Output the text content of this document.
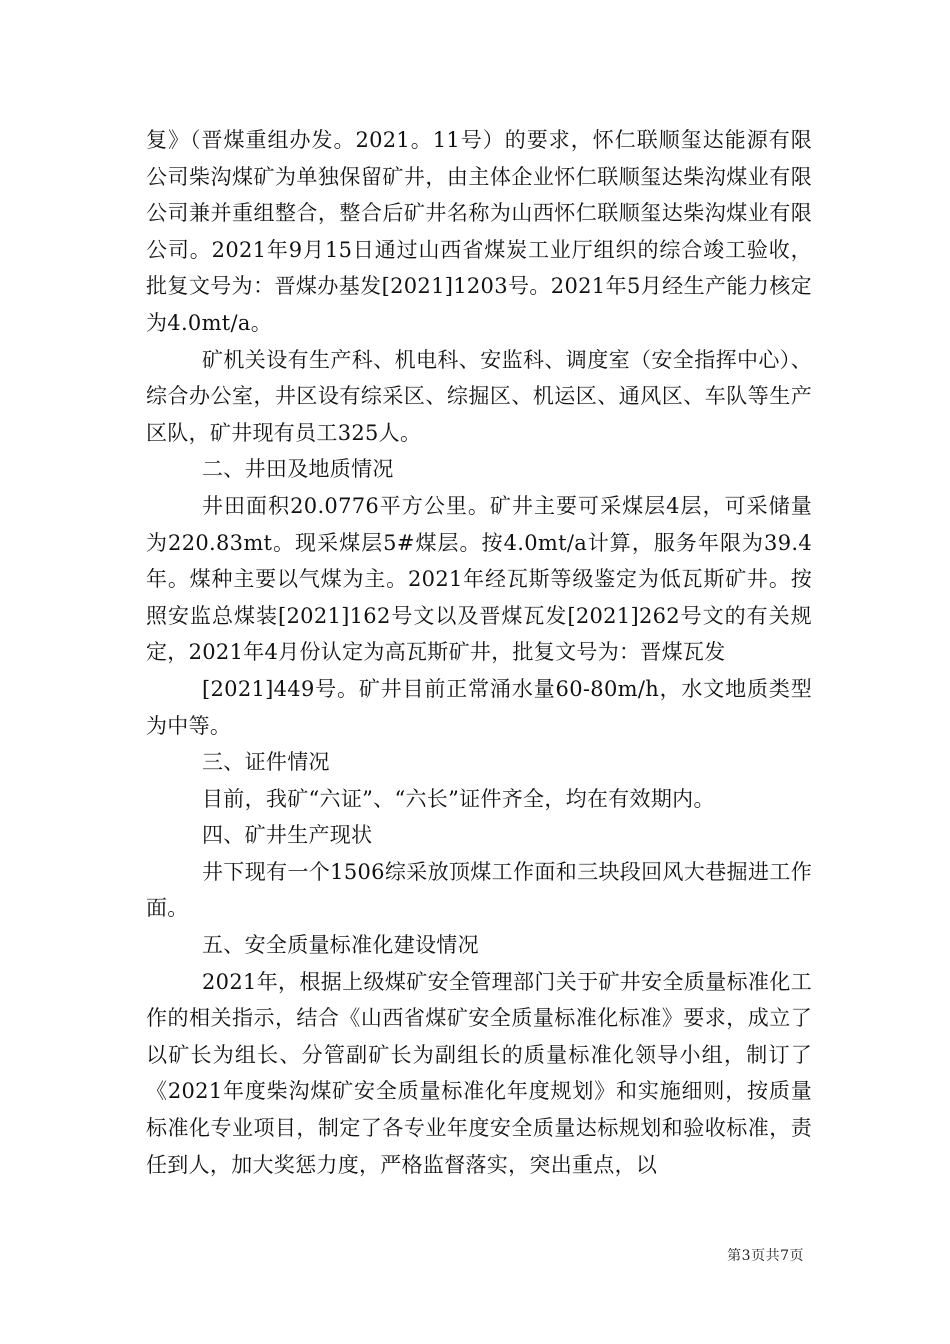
复》（晋煤重组办发。2021。11号）的要求，怀仁联顺玺达能源有限公司柴沟煤矿为单独保留矿井，由主体企业怀仁联顺玺达柴沟煤业有限公司兼并重组整合，整合后矿井名称为山西怀仁联顺玺达柴沟煤业有限公司。2021年9月15日通过山西省煤炭工业厅组织的综合竣工验收，批复文号为：晋煤办基发[2021]1203号。2021年5月经生产能力核定为4.0mt/a。

矿机关设有生产科、机电科、安监科、调度室（安全指挥中心）、综合办公室，井区设有综采区、综掘区、机运区、通风区、车队等生产区队，矿井现有员工325人。

二、井田及地质情况

井田面积20.0776平方公里。矿井主要可采煤层4层，可采储量为220.83mt。现采煤层5#煤层。按4.0mt/a计算，服务年限为39.4年。煤种主要以气煤为主。2021年经瓦斯等级鉴定为低瓦斯矿井。按照安监总煤装[2021]162号文以及晋煤瓦发[2021]262号文的有关规定，2021年4月份认定为高瓦斯矿井，批复文号为：晋煤瓦发

[2021]449号。矿井目前正常涌水量60-80m/h，水文地质类型为中等。

三、证件情况

目前，我矿“六证”、“六长”证件齐全，均在有效期内。

四、矿井生产现状

井下现有一个1506综采放顶煤工作面和三块段回风大巷掘进工作面。

五、安全质量标准化建设情况

2021年，根据上级煤矿安全管理部门关于矿井安全质量标准化工作的相关指示，结合《山西省煤矿安全质量标准化标准》要求，成立了以矿长为组长、分管副矿长为副组长的质量标准化领导小组，制订了《2021年度柴沟煤矿安全质量标准化年度规划》和实施细则，按质量标准化专业项目，制定了各专业年度安全质量达标规划和验收标准，责任到人，加大奖惩力度，严格监督落实，突出重点，以

第3页共7页
